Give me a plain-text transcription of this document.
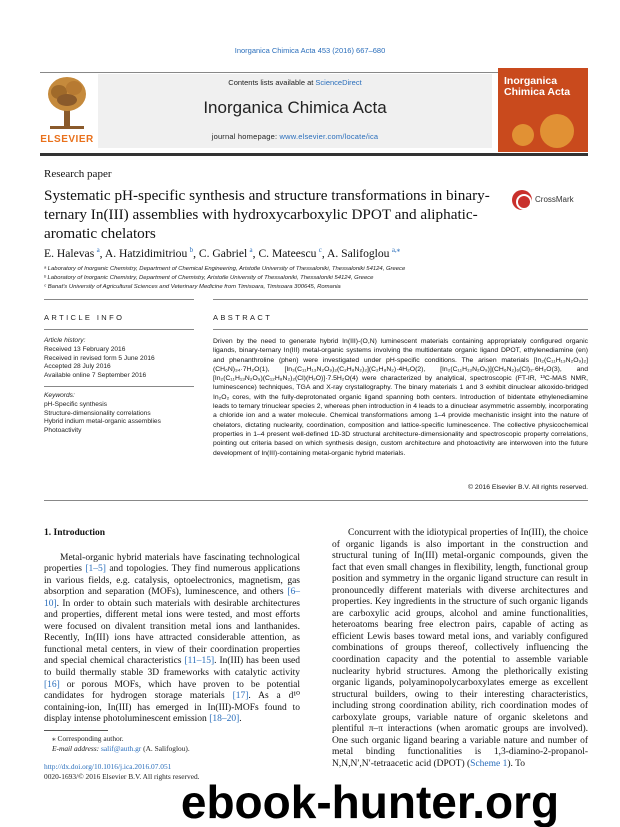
Inorganica Chimica Acta 453 (2016) 667–680
ELSEVIER
Contents lists available at ScienceDirect
Inorganica Chimica Acta
journal homepage: www.elsevier.com/locate/ica
Inorganica
Chimica Acta
Research paper
Systematic pH-specific synthesis and structure transformations in binary-ternary In(III) assemblies with hydroxycarboxylic DPOT and aliphatic-aromatic chelators
CrossMark
E. Halevas  $^a$, A. Hatzidimitriou  $^b$, C. Gabriel  $^a$, C. Mateescu  $^c$, A. Salifoglou  $^{a,⁎}$
ᵃ Laboratory of Inorganic Chemistry, Department of Chemical Engineering, Aristotle University of Thessaloniki, Thessaloniki 54124, Greece
ᵇ Laboratory of Inorganic Chemistry, Department of Chemistry, Aristotle University of Thessaloniki, Thessaloniki 54124, Greece
ᶜ Banat's University of Agricultural Sciences and Veterinary Medicine from Timisoara, Timisoara 300645, Romania
ARTICLE INFO	ABSTRACT
Article history:
Received 13 February 2016
Received in revised form 5 June 2016
Accepted 28 July 2016
Available online 7 September 2016
Keywords:
pH-Specific synthesis
Structure-dimensionality correlations
Hybrid indium metal-organic assemblies
Photoactivity
Driven by the need to generate hybrid In(III)-(O,N) luminescent materials containing appropriately configured organic ligands, binary-ternary In(III) metal-organic systems involving the multidentate organic ligand DPOT, ethylenediamine (en) and phenanthroline (phen) were investigated under pH-specific conditions. The arisen materials [In₂(C₁₁H₁₃N₂O₉)₂](CH₆N)₃₄·7H₂O(1), [In₃(C₁₁H₁₃N₂O₉)₂(C₂H₈N₂)₂](C₂H₈N₂)·4H₂O(2), [In₂(C₁₁H₁₃N₂O₉)](CH₆N₂)₆(Cl)₂·6H₂O(3), and [In₂(C₁₁H₁₃N₂O₉)(C₁₂H₈N₂)₂(Cl)(H₂O)]·7.5H₂O(4) were characterized by analytical, spectroscopic (FT-IR, ¹³C-MAS NMR, luminescence) techniques, TGA and X-ray crystallography. The binary materials 1 and 3 exhibit dinuclear alkoxido-bridged In₂O₂ cores, with the fully-deprotonated organic ligand spanning both centers. Introduction of bidentate ethylenediamine leads to ternary trinuclear species 2, whereas phen introduction in 4 leads to a dinuclear asymmetric assembly, incorporating a chloride ion and a water molecule. Chemical transformations among 1–4 provide mechanistic insight into the nature of chelators, dictating nuclearity, coordination, composition and lattice-specific luminescence. The collective physicochemical properties in 1–4 present well-defined 1D-3D structural architecture-dimensionality and spectroscopic property correlations, pointing out criteria based on which synthesis design, custom architecture and photoactivity are interwoven into the future development of In(III)-containing metal-organic hybrid materials.
© 2016 Elsevier B.V. All rights reserved.
1. Introduction

Metal-organic hybrid materials have fascinating technological properties [1–5] and topologies. They find numerous applications in various fields, e.g. catalysis, optoelectronics, magnetism, gas absorption and separation (MOFs), luminescence, and others [6–10]. In order to obtain such materials with desirable architectures and properties, different metal ions were tested, and most efforts were focused on divalent transition metal ions and lanthanides. Recently, In(III) ions have attracted considerable attention, as functional metal centers, in view of their coordination properties and special chemical characteristics [11–15]. In(III) has been used to build thermally stable 3D frameworks with catalytic activity [16] or porous MOFs, which have proven to be potential candidates for hydrogen storage materials [17]. As a d¹⁰ containing-ion, In(III) has emerged in In(III)-MOFs found to display intense photoluminescent emission [18–20].

Concurrent with the idiotypical properties of In(III), the choice of organic ligands is also important in the construction and structural tuning of In(III) metal-organic compounds, given the fact that even small changes in flexibility, length, functional group position and symmetry in the organic ligand structure can result in pronouncedly different materials with diverse architectures and properties. Key ingredients in the structure of such organic ligands are carboxylic acid groups, alcohol and amine functionalities, heteroatoms bearing free electron pairs, capable of acting as efficient Lewis bases toward metal ions, and variably configured combinations of groups thereof, collectively influencing the coordination capacity and the potential to assemble variable nuclearity hybrid structures. Among the plethorically existing organic ligands, polyaminopolycarboxylates emerge as excellent structural builders, owing to their interesting characteristics, including strong coordination ability, rich coordination modes of carboxylate groups, variable nature of organic skeletons and plentiful π–π interactions (when aromatic groups are involved). One such organic ligand bearing a variable nature and number of metal binding functionalities is 1,3-diamino-2-propanol-N,N,N′,N′-tetraacetic acid (DPOT) (Scheme 1). To

⁎ Corresponding author.
E-mail address: salif@auth.gr (A. Salifoglou).
http://dx.doi.org/10.1016/j.ica.2016.07.051
0020-1693/© 2016 Elsevier B.V. All rights reserved.
ebook-hunter.org
